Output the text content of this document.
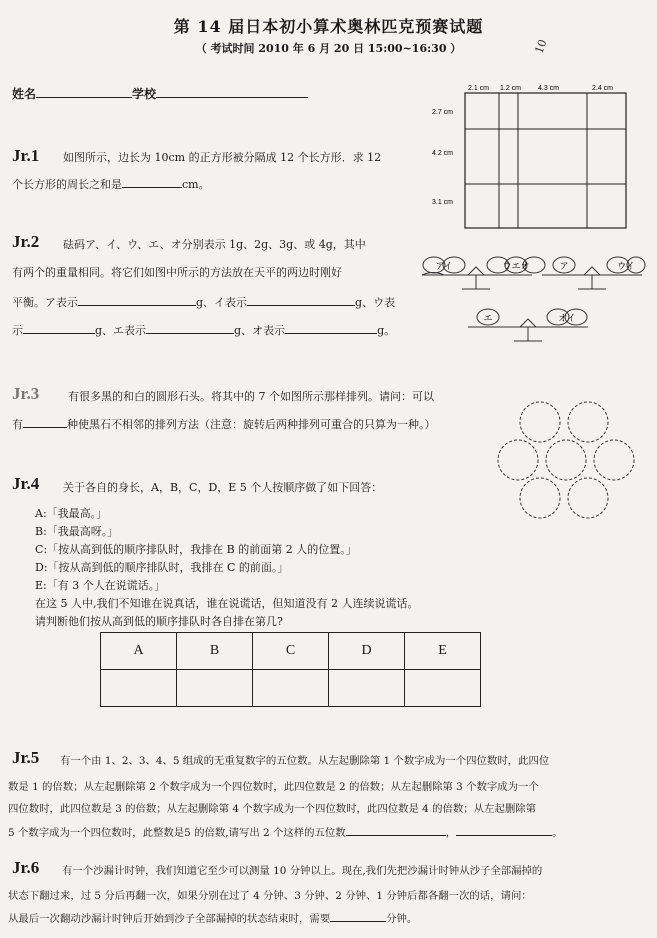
第 14 届日本初小算术奥林匹克预赛试题
（ 考试时间 2010 年 6 月 20 日 15:00~16:30 ）
姓名	学校
10
Jr.1 如图所示，边长为 10cm 的正方形被分隔成 12 个长方形．求 12
个长方形的周长之和是	cm。
2.1 cm 1.2 cm 4.3 cm	2.4 cm
2.7 cm
4.2 cm
3.1 cm
Jr.2 砝码ア、イ、ウ、エ、オ分别表示 1g、2g、3g、或 4g，其中
有两个的重量相同。将它们如图中所示的方法放在天平的两边时刚好
平衡。ア表示	g、イ表示	g、ウ表
示	g、エ表示	g、オ表示	g。
アイ	ウエオ	ア	ウイ
エ	オイ
Jr.3	有很多黑的和白的圆形石头。将其中的 7 个如图所示那样排列。请问：可以
有	种使黑石不相邻的排列方法（注意：旋转后两种排列可重合的只算为一种。）
Jr.4 关于各自的身长，A，B，C，D，E 5 个人按顺序做了如下回答：
A:「我最高。」
B:「我最高呀。」
C:「按从高到低的顺序排队时，我排在 B 的前面第 2 人的位置。」
D:「按从高到低的顺序排队时，我排在 C 的前面。」
E:「有 3 个人在说谎话。」
在这 5 人中,我们不知谁在说真话，谁在说谎话，但知道没有 2 人连续说谎话。
请判断他们按从高到低的顺序排队时各自排在第几?
A	B	C	D	E

Jr.5 有一个由 1、2、3、4、5 组成的无重复数字的五位数。从左起删除第 1 个数字成为一个四位数时，此四位
数是 1 的倍数；从左起删除第 2 个数字成为一个四位数时，此四位数是 2 的倍数；从左起删除第 3 个数字成为一个
四位数时，此四位数是 3 的倍数；从左起删除第 4 个数字成为一个四位数时，此四位数是 4 的倍数；从左起删除第
5 个数字成为一个四位数时，此整数是5 的倍数,请写出 2 个这样的五位数	，	。
Jr.6 有一个沙漏计时钟，我们知道它至少可以测量 10 分钟以上。现在,我们先把沙漏计时钟从沙子全部漏掉的
状态下翻过来，过 5 分后再翻一次，如果分别在过了 4 分钟、3 分钟、2 分钟、1 分钟后都各翻一次的话，请问：
从最后一次翻动沙漏计时钟后开始到沙子全部漏掉的状态结束时，需要	分钟。
